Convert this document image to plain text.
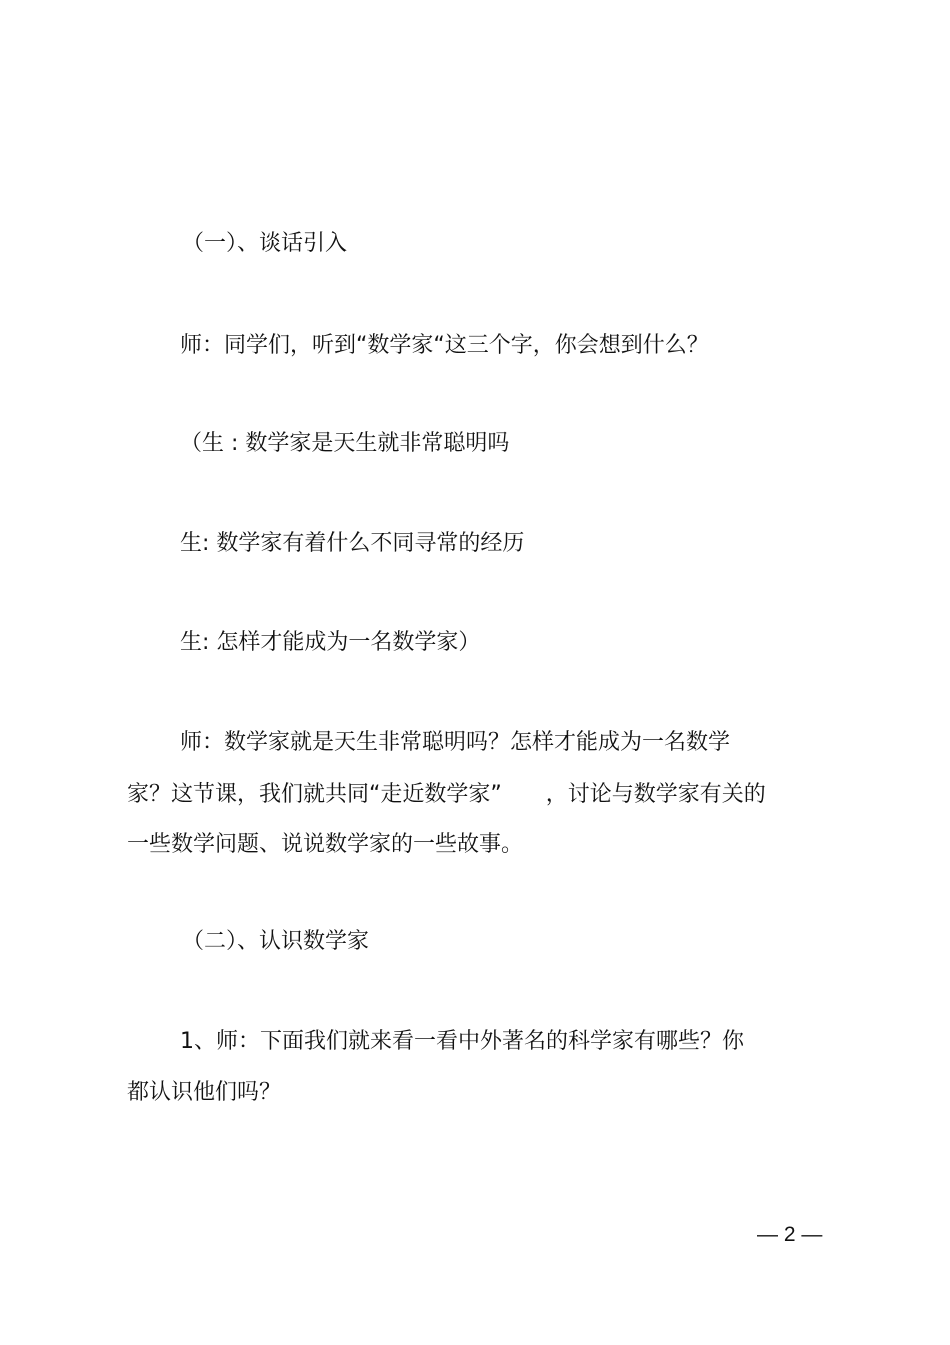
（一）、谈话引入
师：同学们，听到“数学家“这三个字，你会想到什么？
（生 : 数学家是天生就非常聪明吗
生: 数学家有着什么不同寻常的经历
生: 怎样才能成为一名数学家）
师：数学家就是天生非常聪明吗？怎样才能成为一名数学
家？这节课，我们就共同“走近数学家”　　，讨论与数学家有关的
一些数学问题、说说数学家的一些故事。
（二）、认识数学家
1、师：下面我们就来看一看中外著名的科学家有哪些？你
都认识他们吗？
— 2 —
